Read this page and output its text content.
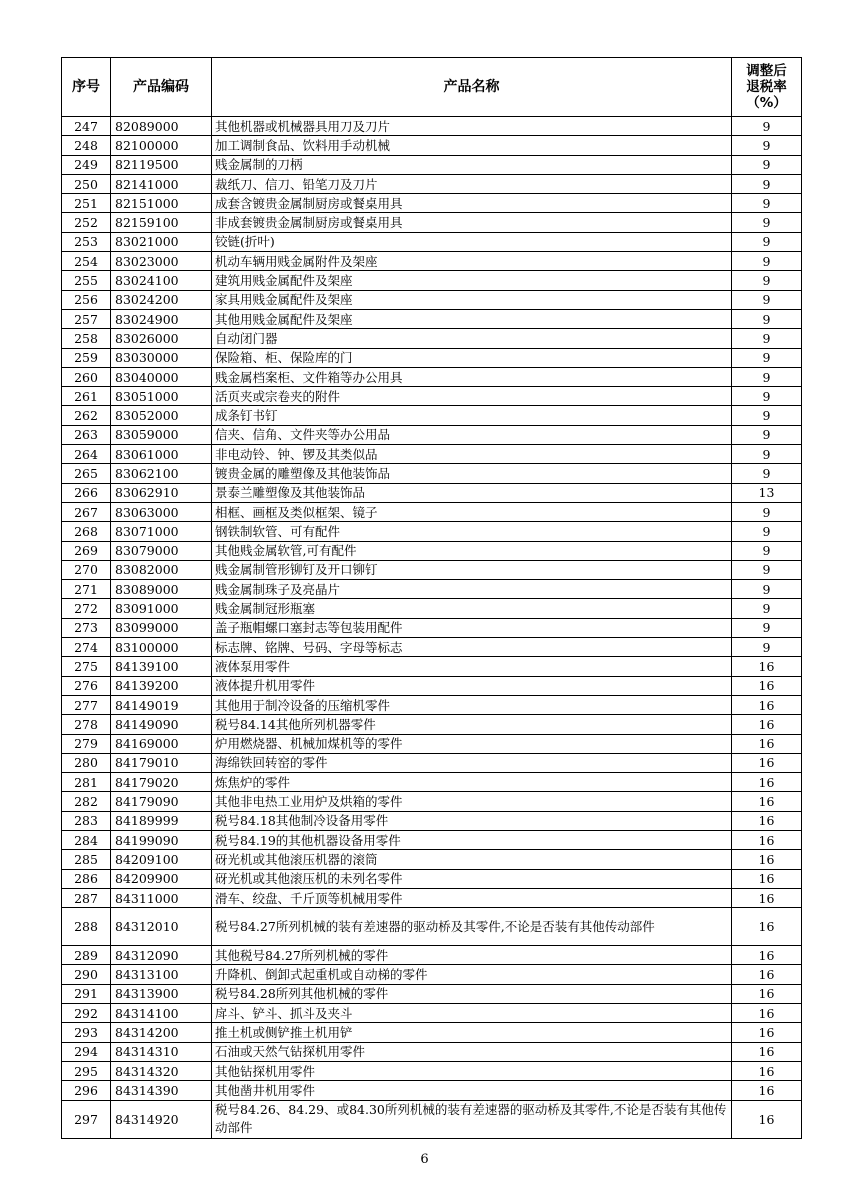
序号	产品编码	产品名称	调整后
退税率
（%）

247	82089000	其他机器或机械器具用刀及刀片	9
248	82100000	加工调制食品、饮料用手动机械	9
249	82119500	贱金属制的刀柄	9
250	82141000	裁纸刀、信刀、铅笔刀及刀片	9
251	82151000	成套含镀贵金属制厨房或餐桌用具	9
252	82159100	非成套镀贵金属制厨房或餐桌用具	9
253	83021000	铰链(折叶)	9
254	83023000	机动车辆用贱金属附件及架座	9
255	83024100	建筑用贱金属配件及架座	9
256	83024200	家具用贱金属配件及架座	9
257	83024900	其他用贱金属配件及架座	9
258	83026000	自动闭门器	9
259	83030000	保险箱、柜、保险库的门	9
260	83040000	贱金属档案柜、文件箱等办公用具	9
261	83051000	活页夹或宗卷夹的附件	9
262	83052000	成条钉书钉	9
263	83059000	信夹、信角、文件夹等办公用品	9
264	83061000	非电动铃、钟、锣及其类似品	9
265	83062100	镀贵金属的雕塑像及其他装饰品	9
266	83062910	景泰兰雕塑像及其他装饰品	13
267	83063000	相框、画框及类似框架、镜子	9
268	83071000	钢铁制软管、可有配件	9
269	83079000	其他贱金属软管,可有配件	9
270	83082000	贱金属制管形铆钉及开口铆钉	9
271	83089000	贱金属制珠子及亮晶片	9
272	83091000	贱金属制冠形瓶塞	9
273	83099000	盖子瓶帽螺口塞封志等包装用配件	9
274	83100000	标志牌、铭牌、号码、字母等标志	9
275	84139100	液体泵用零件	16
276	84139200	液体提升机用零件	16
277	84149019	其他用于制冷设备的压缩机零件	16
278	84149090	税号84.14其他所列机器零件	16
279	84169000	炉用燃烧器、机械加煤机等的零件	16
280	84179010	海绵铁回转窑的零件	16
281	84179020	炼焦炉的零件	16
282	84179090	其他非电热工业用炉及烘箱的零件	16
283	84189999	税号84.18其他制冷设备用零件	16
284	84199090	税号84.19的其他机器设备用零件	16
285	84209100	砑光机或其他滚压机器的滚筒	16
286	84209900	砑光机或其他滚压机的未列名零件	16
287	84311000	滑车、绞盘、千斤顶等机械用零件	16
288	84312010	税号84.27所列机械的装有差速器的驱动桥及其零件,不论是否装有其他传动部件	16
289	84312090	其他税号84.27所列机械的零件	16
290	84313100	升降机、倒卸式起重机或自动梯的零件	16
291	84313900	税号84.28所列其他机械的零件	16
292	84314100	戽斗、铲斗、抓斗及夹斗	16
293	84314200	推土机或侧铲推土机用铲	16
294	84314310	石油或天然气钻探机用零件	16
295	84314320	其他钻探机用零件	16
296	84314390	其他凿井机用零件	16
297	84314920	税号84.26、84.29、或84.30所列机械的装有差速器的驱动桥及其零件,不论是否装有其他传动部件	16
6
